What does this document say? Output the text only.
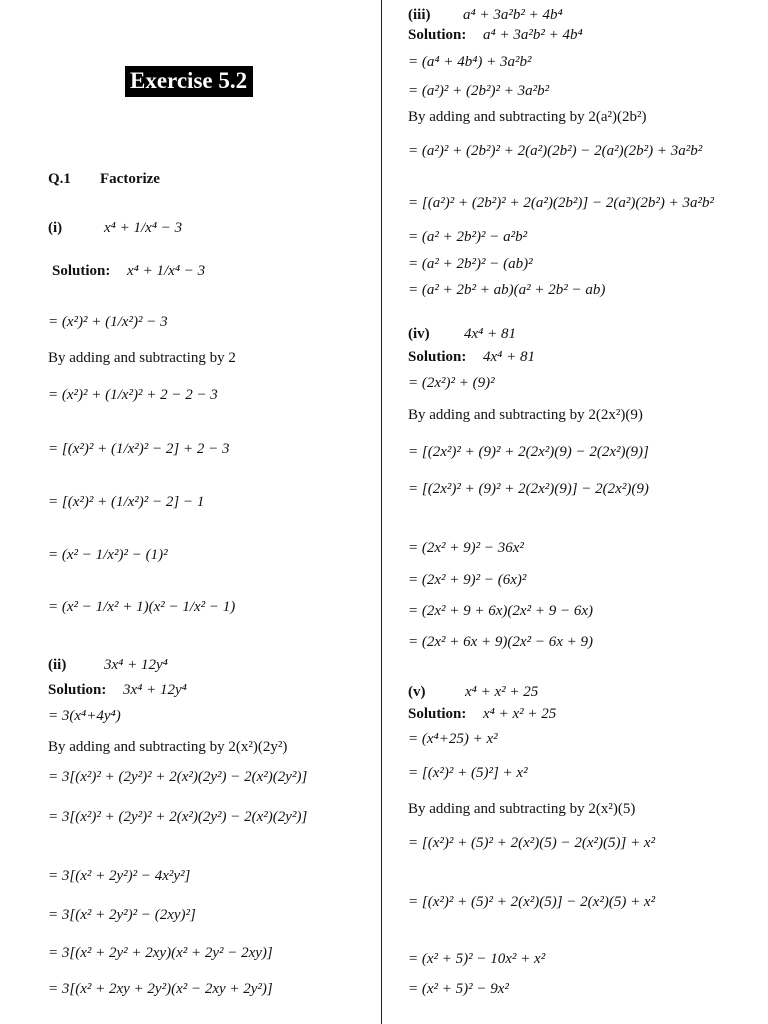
Exercise 5.2
Q.1 Factorize
(i)	x⁴ + 1/x⁴ − 3
Solution: x⁴ + 1/x⁴ − 3
= (x²)² + (1/x²)² − 3
By adding and subtracting by 2
= (x²)² + (1/x²)² + 2 − 2 − 3
= [(x²)² + (1/x²)² − 2] + 2 − 3
= [(x²)² + (1/x²)² − 2] − 1
= (x² − 1/x²)² − (1)²
= (x² − 1/x² + 1)(x² − 1/x² − 1)
(ii)	3x⁴ + 12y⁴
Solution: 3x⁴ + 12y⁴
= 3(x⁴+4y⁴)
By adding and subtracting by 2(x²)(2y²)
= 3[(x²)² + (2y²)² + 2(x²)(2y²) − 2(x²)(2y²)]
= 3[(x²)² + (2y²)² + 2(x²)(2y²) − 2(x²)(2y²)]
= 3[(x² + 2y²)² − 4x²y²]
= 3[(x² + 2y²)² − (2xy)²]
= 3[(x² + 2y² + 2xy)(x² + 2y² − 2xy)]
= 3[(x² + 2xy + 2y²)(x² − 2xy + 2y²)]
(iii) a⁴ + 3a²b² + 4b⁴
Solution: a⁴ + 3a²b² + 4b⁴
= (a⁴ + 4b⁴) + 3a²b²
= (a²)² + (2b²)² + 3a²b²
By adding and subtracting by 2(a²)(2b²)
= (a²)² + (2b²)² + 2(a²)(2b²) − 2(a²)(2b²) + 3a²b²
= [(a²)² + (2b²)² + 2(a²)(2b²)] − 2(a²)(2b²) + 3a²b²
= (a² + 2b²)² − a²b²
= (a² + 2b²)² − (ab)²
= (a² + 2b² + ab)(a² + 2b² − ab)
(iv) 4x⁴ + 81
Solution: 4x⁴ + 81
= (2x²)² + (9)²
By adding and subtracting by 2(2x²)(9)
= [(2x²)² + (9)² + 2(2x²)(9) − 2(2x²)(9)]
= [(2x²)² + (9)² + 2(2x²)(9)] − 2(2x²)(9)
= (2x² + 9)² − 36x²
= (2x² + 9)² − (6x)²
= (2x² + 9 + 6x)(2x² + 9 − 6x)
= (2x² + 6x + 9)(2x² − 6x + 9)
(v)	x⁴ + x² + 25
Solution: x⁴ + x² + 25
= (x⁴+25) + x²
= [(x²)² + (5)²] + x²
By adding and subtracting by 2(x²)(5)
= [(x²)² + (5)² + 2(x²)(5) − 2(x²)(5)] + x²
= [(x²)² + (5)² + 2(x²)(5)] − 2(x²)(5) + x²
= (x² + 5)² − 10x² + x²
= (x² + 5)² − 9x²
